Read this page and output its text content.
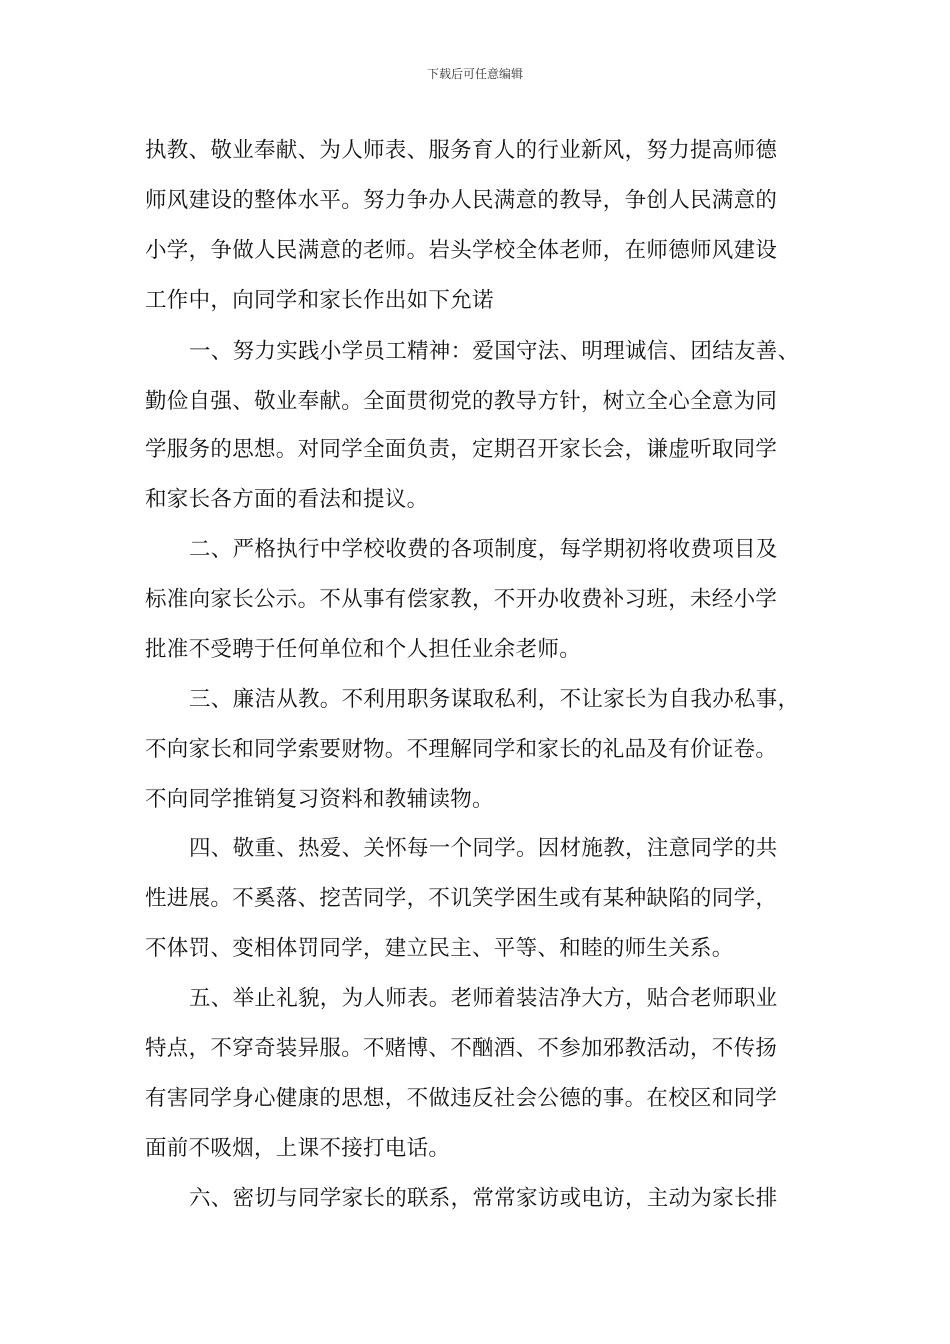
下载后可任意编辑
执教、敬业奉献、为人师表、服务育人的行业新风，努力提高师德
师风建设的整体水平。努力争办人民满意的教导，争创人民满意的
小学，争做人民满意的老师。岩头学校全体老师，在师德师风建设
工作中，向同学和家长作出如下允诺
一、努力实践小学员工精神：爱国守法、明理诚信、团结友善、
勤俭自强、敬业奉献。全面贯彻党的教导方针，树立全心全意为同
学服务的思想。对同学全面负责，定期召开家长会，谦虚听取同学
和家长各方面的看法和提议。
二、严格执行中学校收费的各项制度，每学期初将收费项目及
标准向家长公示。不从事有偿家教，不开办收费补习班，未经小学
批准不受聘于任何单位和个人担任业余老师。
三、廉洁从教。不利用职务谋取私利，不让家长为自我办私事，
不向家长和同学索要财物。不理解同学和家长的礼品及有价证卷。
不向同学推销复习资料和教辅读物。
四、敬重、热爱、关怀每一个同学。因材施教，注意同学的共
性进展。不奚落、挖苦同学，不讥笑学困生或有某种缺陷的同学，
不体罚、变相体罚同学，建立民主、平等、和睦的师生关系。
五、举止礼貌，为人师表。老师着装洁净大方，贴合老师职业
特点，不穿奇装异服。不赌博、不酗酒、不参加邪教活动，不传扬
有害同学身心健康的思想，不做违反社会公德的事。在校区和同学
面前不吸烟，上课不接打电话。
六、密切与同学家长的联系，常常家访或电访，主动为家长排
